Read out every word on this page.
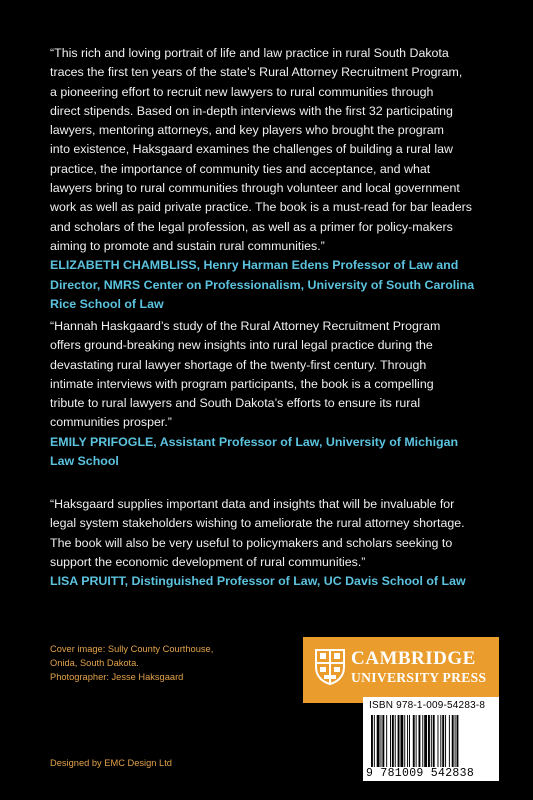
“This rich and loving portrait of life and law practice in rural South Dakota
traces the first ten years of the state’s Rural Attorney Recruitment Program,
a pioneering effort to recruit new lawyers to rural communities through
direct stipends. Based on in-depth interviews with the first 32 participating
lawyers, mentoring attorneys, and key players who brought the program
into existence, Haksgaard examines the challenges of building a rural law
practice, the importance of community ties and acceptance, and what
lawyers bring to rural communities through volunteer and local government
work as well as paid private practice. The book is a must-read for bar leaders
and scholars of the legal profession, as well as a primer for policy-makers
aiming to promote and sustain rural communities.”

ELIZABETH CHAMBLISS, Henry Harman Edens Professor of Law and
Director, NMRS Center on Professionalism, University of South Carolina
Rice School of Law

“Hannah Haskgaard’s study of the Rural Attorney Recruitment Program
offers ground-breaking new insights into rural legal practice during the
devastating rural lawyer shortage of the twenty-first century. Through
intimate interviews with program participants, the book is a compelling
tribute to rural lawyers and South Dakota’s efforts to ensure its rural
communities prosper.”

EMILY PRIFOGLE, Assistant Professor of Law, University of Michigan
Law School

“Haksgaard supplies important data and insights that will be invaluable for
legal system stakeholders wishing to ameliorate the rural attorney shortage.
The book will also be very useful to policymakers and scholars seeking to
support the economic development of rural communities.”

LISA PRUITT, Distinguished Professor of Law, UC Davis School of Law

Cover image: Sully County Courthouse,
Onida, South Dakota.
Photographer: Jesse Haksgaard
Designed by EMC Design Ltd
CAMBRIDGE
UNIVERSITY PRESS
ISBN 978-1-009-54283-8
9 781009 542838
